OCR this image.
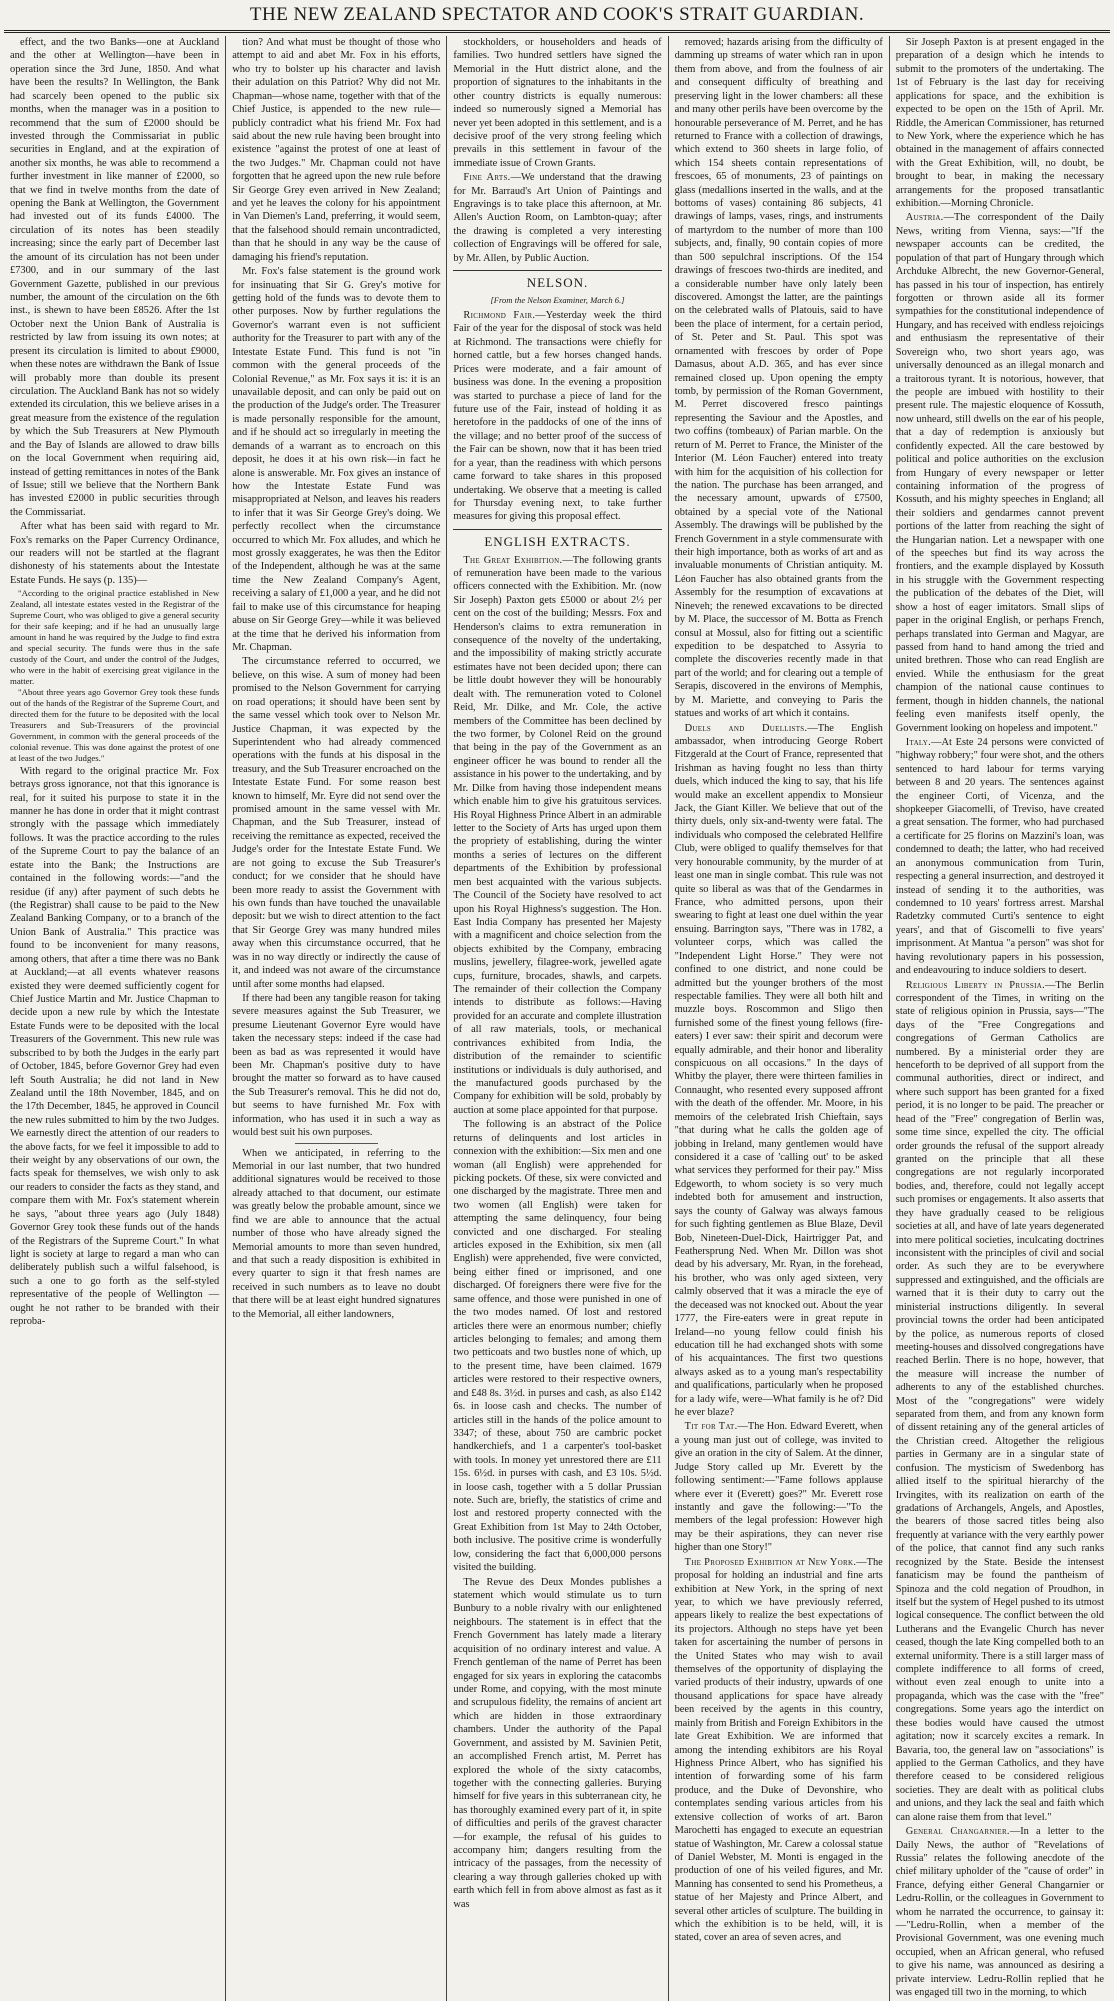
THE NEW ZEALAND SPECTATOR AND COOK'S STRAIT GUARDIAN.

effect, and the two Banks—one at Auckland and the other at Wellington—have been in operation since the 3rd June, 1850. And what have been the results? In Wellington, the Bank had scarcely been opened to the public six months, when the manager was in a position to recommend that the sum of £2000 should be invested through the Commissariat in public securities in England, and at the expiration of another six months, he was able to recommend a further investment in like manner of £2000, so that we find in twelve months from the date of opening the Bank at Wellington, the Government had invested out of its funds £4000. The circulation of its notes has been steadily increasing; since the early part of December last the amount of its circulation has not been under £7300, and in our summary of the last Government Gazette, published in our previous number, the amount of the circulation on the 6th inst., is shewn to have been £8526. After the 1st October next the Union Bank of Australia is restricted by law from issuing its own notes; at present its circulation is limited to about £9000, when these notes are withdrawn the Bank of Issue will probably more than double its present circulation. The Auckland Bank has not so widely extended its circulation, this we believe arises in a great measure from the existence of the regulation by which the Sub Treasurers at New Plymouth and the Bay of Islands are allowed to draw bills on the local Government when requiring aid, instead of getting remittances in notes of the Bank of Issue; still we believe that the Northern Bank has invested £2000 in public securities through the Commissariat.

After what has been said with regard to Mr. Fox's remarks on the Paper Currency Ordinance, our readers will not be startled at the flagrant dishonesty of his statements about the Intestate Estate Funds. He says (p. 135)—

"According to the original practice established in New Zealand, all intestate estates vested in the Registrar of the Supreme Court, who was obliged to give a general security for their safe keeping; and if he had an unusually large amount in hand he was required by the Judge to find extra and special security. The funds were thus in the safe custody of the Court, and under the control of the Judges, who were in the habit of exercising great vigilance in the matter.

"About three years ago Governor Grey took these funds out of the hands of the Registrar of the Supreme Court, and directed them for the future to be deposited with the local Treasurers and Sub-Treasurers of the provincial Government, in common with the general proceeds of the colonial revenue. This was done against the protest of one at least of the two Judges."

With regard to the original practice Mr. Fox betrays gross ignorance, not that this ignorance is real, for it suited his purpose to state it in the manner he has done in order that it might contrast strongly with the passage which immediately follows. It was the practice according to the rules of the Supreme Court to pay the balance of an estate into the Bank; the Instructions are contained in the following words:—"and the residue (if any) after payment of such debts he (the Registrar) shall cause to be paid to the New Zealand Banking Company, or to a branch of the Union Bank of Australia." This practice was found to be inconvenient for many reasons, among others, that after a time there was no Bank at Auckland;—at all events whatever reasons existed they were deemed sufficiently cogent for Chief Justice Martin and Mr. Justice Chapman to decide upon a new rule by which the Intestate Estate Funds were to be deposited with the local Treasurers of the Government. This new rule was subscribed to by both the Judges in the early part of October, 1845, before Governor Grey had even left South Australia; he did not land in New Zealand until the 18th November, 1845, and on the 17th December, 1845, he approved in Council the new rules submitted to him by the two Judges. We earnestly direct the attention of our readers to the above facts, for we feel it impossible to add to their weight by any observations of our own, the facts speak for themselves, we wish only to ask our readers to consider the facts as they stand, and compare them with Mr. Fox's statement wherein he says, "about three years ago (July 1848) Governor Grey took these funds out of the hands of the Registrars of the Supreme Court." In what light is society at large to regard a man who can deliberately publish such a wilful falsehood, is such a one to go forth as the self-styled representative of the people of Wellington — ought he not rather to be branded with their reproba-

tion? And what must be thought of those who attempt to aid and abet Mr. Fox in his efforts, who try to bolster up his character and lavish their adulation on this Patriot? Why did not Mr. Chapman—whose name, together with that of the Chief Justice, is appended to the new rule—publicly contradict what his friend Mr. Fox had said about the new rule having been brought into existence "against the protest of one at least of the two Judges." Mr. Chapman could not have forgotten that he agreed upon the new rule before Sir George Grey even arrived in New Zealand; and yet he leaves the colony for his appointment in Van Diemen's Land, preferring, it would seem, that the falsehood should remain uncontradicted, than that he should in any way be the cause of damaging his friend's reputation.

Mr. Fox's false statement is the ground work for insinuating that Sir G. Grey's motive for getting hold of the funds was to devote them to other purposes. Now by further regulations the Governor's warrant even is not sufficient authority for the Treasurer to part with any of the Intestate Estate Fund. This fund is not "in common with the general proceeds of the Colonial Revenue," as Mr. Fox says it is: it is an unavailable deposit, and can only be paid out on the production of the Judge's order. The Treasurer is made personally responsible for the amount, and if he should act so irregularly in meeting the demands of a warrant as to encroach on this deposit, he does it at his own risk—in fact he alone is answerable. Mr. Fox gives an instance of how the Intestate Estate Fund was misappropriated at Nelson, and leaves his readers to infer that it was Sir George Grey's doing. We perfectly recollect when the circumstance occurred to which Mr. Fox alludes, and which he most grossly exaggerates, he was then the Editor of the Independent, although he was at the same time the New Zealand Company's Agent, receiving a salary of £1,000 a year, and he did not fail to make use of this circumstance for heaping abuse on Sir George Grey—while it was believed at the time that he derived his information from Mr. Chapman.

The circumstance referred to occurred, we believe, on this wise. A sum of money had been promised to the Nelson Government for carrying on road operations; it should have been sent by the same vessel which took over to Nelson Mr. Justice Chapman, it was expected by the Superintendent who had already commenced operations with the funds at his disposal in the treasury, and the Sub Treasurer encroached on the Intestate Estate Fund. For some reason best known to himself, Mr. Eyre did not send over the promised amount in the same vessel with Mr. Chapman, and the Sub Treasurer, instead of receiving the remittance as expected, received the Judge's order for the Intestate Estate Fund. We are not going to excuse the Sub Treasurer's conduct; for we consider that he should have been more ready to assist the Government with his own funds than have touched the unavailable deposit: but we wish to direct attention to the fact that Sir George Grey was many hundred miles away when this circumstance occurred, that he was in no way directly or indirectly the cause of it, and indeed was not aware of the circumstance until after some months had elapsed.

If there had been any tangible reason for taking severe measures against the Sub Treasurer, we presume Lieutenant Governor Eyre would have taken the necessary steps: indeed if the case had been as bad as was represented it would have been Mr. Chapman's positive duty to have brought the matter so forward as to have caused the Sub Treasurer's removal. This he did not do, but seems to have furnished Mr. Fox with information, who has used it in such a way as would best suit his own purposes.

When we anticipated, in referring to the Memorial in our last number, that two hundred additional signatures would be received to those already attached to that document, our estimate was greatly below the probable amount, since we find we are able to announce that the actual number of those who have already signed the Memorial amounts to more than seven hundred, and that such a ready disposition is exhibited in every quarter to sign it that fresh names are received in such numbers as to leave no doubt that there will be at least eight hundred signatures to the Memorial, all either landowners,

stockholders, or householders and heads of families. Two hundred settlers have signed the Memorial in the Hutt district alone, and the proportion of signatures to the inhabitants in the other country districts is equally numerous: indeed so numerously signed a Memorial has never yet been adopted in this settlement, and is a decisive proof of the very strong feeling which prevails in this settlement in favour of the immediate issue of Crown Grants.

Fine Arts.—We understand that the drawing for Mr. Barraud's Art Union of Paintings and Engravings is to take place this afternoon, at Mr. Allen's Auction Room, on Lambton-quay; after the drawing is completed a very interesting collection of Engravings will be offered for sale, by Mr. Allen, by Public Auction.

NELSON.
[From the Nelson Examiner, March 6.]

Richmond Fair.—Yesterday week the third Fair of the year for the disposal of stock was held at Richmond. The transactions were chiefly for horned cattle, but a few horses changed hands. Prices were moderate, and a fair amount of business was done. In the evening a proposition was started to purchase a piece of land for the future use of the Fair, instead of holding it as heretofore in the paddocks of one of the inns of the village; and no better proof of the success of the Fair can be shown, now that it has been tried for a year, than the readiness with which persons came forward to take shares in this proposed undertaking. We observe that a meeting is called for Thursday evening next, to take further measures for giving this proposal effect.

ENGLISH EXTRACTS.

The Great Exhibition.—The following grants of remuneration have been made to the various officers connected with the Exhibition. Mr. (now Sir Joseph) Paxton gets £5000 or about 2½ per cent on the cost of the building; Messrs. Fox and Henderson's claims to extra remuneration in consequence of the novelty of the undertaking, and the impossibility of making strictly accurate estimates have not been decided upon; there can be little doubt however they will be honourably dealt with. The remuneration voted to Colonel Reid, Mr. Dilke, and Mr. Cole, the active members of the Committee has been declined by the two former, by Colonel Reid on the ground that being in the pay of the Government as an engineer officer he was bound to render all the assistance in his power to the undertaking, and by Mr. Dilke from having those independent means which enable him to give his gratuitous services. His Royal Highness Prince Albert in an admirable letter to the Society of Arts has urged upon them the propriety of establishing, during the winter months a series of lectures on the different departments of the Exhibition by professional men best acquainted with the various subjects. The Council of the Society have resolved to act upon his Royal Highness's suggestion. The Hon. East India Company has presented her Majesty with a magnificent and choice selection from the objects exhibited by the Company, embracing muslins, jewellery, filagree-work, jewelled agate cups, furniture, brocades, shawls, and carpets. The remainder of their collection the Company intends to distribute as follows:—Having provided for an accurate and complete illustration of all raw materials, tools, or mechanical contrivances exhibited from India, the distribution of the remainder to scientific institutions or individuals is duly authorised, and the manufactured goods purchased by the Company for exhibition will be sold, probably by auction at some place appointed for that purpose.

The following is an abstract of the Police returns of delinquents and lost articles in connexion with the exhibition:—Six men and one woman (all English) were apprehended for picking pockets. Of these, six were convicted and one discharged by the magistrate. Three men and two women (all English) were taken for attempting the same delinquency, four being convicted and one discharged. For stealing articles exposed in the Exhibition, six men (all English) were apprehended, five were convicted, being either fined or imprisoned, and one discharged. Of foreigners there were five for the same offence, and those were punished in one of the two modes named. Of lost and restored articles there were an enormous number; chiefly articles belonging to females; and among them two petticoats and two bustles none of which, up to the present time, have been claimed. 1679 articles were restored to their respective owners, and £48 8s. 3½d. in purses and cash, as also £142 6s. in loose cash and checks. The number of articles still in the hands of the police amount to 3347; of these, about 750 are cambric pocket handkerchiefs, and 1 a carpenter's tool-basket with tools. In money yet unrestored there are £11 15s. 6½d. in purses with cash, and £3 10s. 5½d. in loose cash, together with a 5 dollar Prussian note. Such are, briefly, the statistics of crime and lost and restored property connected with the Great Exhibition from 1st May to 24th October, both inclusive. The positive crime is wonderfully low, considering the fact that 6,000,000 persons visited the building.

The Revue des Deux Mondes publishes a statement which would stimulate us to turn Bunbury to a noble rivalry with our enlightened neighbours. The statement is in effect that the French Government has lately made a literary acquisition of no ordinary interest and value. A French gentleman of the name of Perret has been engaged for six years in exploring the catacombs under Rome, and copying, with the most minute and scrupulous fidelity, the remains of ancient art which are hidden in those extraordinary chambers. Under the authority of the Papal Government, and assisted by M. Savinien Petit, an accomplished French artist, M. Perret has explored the whole of the sixty catacombs, together with the connecting galleries. Burying himself for five years in this subterranean city, he has thoroughly examined every part of it, in spite of difficulties and perils of the gravest character—for example, the refusal of his guides to accompany him; dangers resulting from the intricacy of the passages, from the necessity of clearing a way through galleries choked up with earth which fell in from above almost as fast as it was

removed; hazards arising from the difficulty of damming up streams of water which ran in upon them from above, and from the foulness of air and consequent difficulty of breathing and preserving light in the lower chambers: all these and many other perils have been overcome by the honourable perseverance of M. Perret, and he has returned to France with a collection of drawings, which extend to 360 sheets in large folio, of which 154 sheets contain representations of frescoes, 65 of monuments, 23 of paintings on glass (medallions inserted in the walls, and at the bottoms of vases) containing 86 subjects, 41 drawings of lamps, vases, rings, and instruments of martyrdom to the number of more than 100 subjects, and, finally, 90 contain copies of more than 500 sepulchral inscriptions. Of the 154 drawings of frescoes two-thirds are inedited, and a considerable number have only lately been discovered. Amongst the latter, are the paintings on the celebrated walls of Platouis, said to have been the place of interment, for a certain period, of St. Peter and St. Paul. This spot was ornamented with frescoes by order of Pope Damasus, about A.D. 365, and has ever since remained closed up. Upon opening the empty tomb, by permission of the Roman Government, M. Perret discovered fresco paintings representing the Saviour and the Apostles, and two coffins (tombeaux) of Parian marble. On the return of M. Perret to France, the Minister of the Interior (M. Léon Faucher) entered into treaty with him for the acquisition of his collection for the nation. The purchase has been arranged, and the necessary amount, upwards of £7500, obtained by a special vote of the National Assembly. The drawings will be published by the French Government in a style commensurate with their high importance, both as works of art and as invaluable monuments of Christian antiquity. M. Léon Faucher has also obtained grants from the Assembly for the resumption of excavations at Nineveh; the renewed excavations to be directed by M. Place, the successor of M. Botta as French consul at Mossul, also for fitting out a scientific expedition to be despatched to Assyria to complete the discoveries recently made in that part of the world; and for clearing out a temple of Serapis, discovered in the environs of Memphis, by M. Mariette, and conveying to Paris the statues and works of art which it contains.

Duels and Duellists.—The English ambassador, when introducing George Robert Fitzgerald at the Court of France, represented that Irishman as having fought no less than thirty duels, which induced the king to say, that his life would make an excellent appendix to Monsieur Jack, the Giant Killer. We believe that out of the thirty duels, only six-and-twenty were fatal. The individuals who composed the celebrated Hellfire Club, were obliged to qualify themselves for that very honourable community, by the murder of at least one man in single combat. This rule was not quite so liberal as was that of the Gendarmes in France, who admitted persons, upon their swearing to fight at least one duel within the year ensuing. Barrington says, "There was in 1782, a volunteer corps, which was called the "Independent Light Horse." They were not confined to one district, and none could be admitted but the younger brothers of the most respectable families. They were all both hilt and muzzle boys. Roscommon and Sligo then furnished some of the finest young fellows (fire-eaters) I ever saw: their spirit and decorum were equally admirable, and their honor and liberality conspicuous on all occasions." In the days of Whitby the player, there were thirteen families in Connaught, who resented every supposed affront with the death of the offender. Mr. Moore, in his memoirs of the celebrated Irish Chieftain, says "that during what he calls the golden age of jobbing in Ireland, many gentlemen would have considered it a case of 'calling out' to be asked what services they performed for their pay." Miss Edgeworth, to whom society is so very much indebted both for amusement and instruction, says the county of Galway was always famous for such fighting gentlemen as Blue Blaze, Devil Bob, Nineteen-Duel-Dick, Hairtrigger Pat, and Feathersprung Ned. When Mr. Dillon was shot dead by his adversary, Mr. Ryan, in the forehead, his brother, who was only aged sixteen, very calmly observed that it was a miracle the eye of the deceased was not knocked out. About the year 1777, the Fire-eaters were in great repute in Ireland—no young fellow could finish his education till he had exchanged shots with some of his acquaintances. The first two questions always asked as to a young man's respectability and qualifications, particularly when he proposed for a lady wife, were—What family is he of? Did he ever blaze?

Tit for Tat.—The Hon. Edward Everett, when a young man just out of college, was invited to give an oration in the city of Salem. At the dinner, Judge Story called up Mr. Everett by the following sentiment:—"Fame follows applause where ever it (Everett) goes?" Mr. Everett rose instantly and gave the following:—"To the members of the legal profession: However high may be their aspirations, they can never rise higher than one Story!"

The Proposed Exhibition at New York.—The proposal for holding an industrial and fine arts exhibition at New York, in the spring of next year, to which we have previously referred, appears likely to realize the best expectations of its projectors. Although no steps have yet been taken for ascertaining the number of persons in the United States who may wish to avail themselves of the opportunity of displaying the varied products of their industry, upwards of one thousand applications for space have already been received by the agents in this country, mainly from British and Foreign Exhibitors in the late Great Exhibition. We are informed that among the intending exhibitors are his Royal Highness Prince Albert, who has signified his intention of forwarding some of his farm produce, and the Duke of Devonshire, who contemplates sending various articles from his extensive collection of works of art. Baron Marochetti has engaged to execute an equestrian statue of Washington, Mr. Carew a colossal statue of Daniel Webster, M. Monti is engaged in the production of one of his veiled figures, and Mr. Manning has consented to send his Prometheus, a statue of her Majesty and Prince Albert, and several other articles of sculpture. The building in which the exhibition is to be held, will, it is stated, cover an area of seven acres, and

Sir Joseph Paxton is at present engaged in the preparation of a design which he intends to submit to the promoters of the undertaking. The 1st of February is the last day for receiving applications for space, and the exhibition is expected to be open on the 15th of April. Mr. Riddle, the American Commissioner, has returned to New York, where the experience which he has obtained in the management of affairs connected with the Great Exhibition, will, no doubt, be brought to bear, in making the necessary arrangements for the proposed transatlantic exhibition.—Morning Chronicle.

Austria.—The correspondent of the Daily News, writing from Vienna, says:—"If the newspaper accounts can be credited, the population of that part of Hungary through which Archduke Albrecht, the new Governor-General, has passed in his tour of inspection, has entirely forgotten or thrown aside all its former sympathies for the constitutional independence of Hungary, and has received with endless rejoicings and enthusiasm the representative of their Sovereign who, two short years ago, was universally denounced as an illegal monarch and a traitorous tyrant. It is notorious, however, that the people are imbued with hostility to their present rule. The majestic eloquence of Kossuth, now unheard, still dwells on the ear of his people, that a day of redemption is anxiously but confidently expected. All the care bestowed by political and police authorities on the exclusion from Hungary of every newspaper or letter containing information of the progress of Kossuth, and his mighty speeches in England; all their soldiers and gendarmes cannot prevent portions of the latter from reaching the sight of the Hungarian nation. Let a newspaper with one of the speeches but find its way across the frontiers, and the example displayed by Kossuth in his struggle with the Government respecting the publication of the debates of the Diet, will show a host of eager imitators. Small slips of paper in the original English, or perhaps French, perhaps translated into German and Magyar, are passed from hand to hand among the tried and united brethren. Those who can read English are envied. While the enthusiasm for the great champion of the national cause continues to ferment, though in hidden channels, the national feeling even manifests itself openly, the Government looking on hopeless and impotent."

Italy.—At Este 24 persons were convicted of "highway robbery;" four were shot, and the others sentenced to hard labour for terms varying between 8 and 20 years. The sentences against the engineer Corti, of Vicenza, and the shopkeeper Giacomelli, of Treviso, have created a great sensation. The former, who had purchased a certificate for 25 florins on Mazzini's loan, was condemned to death; the latter, who had received an anonymous communication from Turin, respecting a general insurrection, and destroyed it instead of sending it to the authorities, was condemned to 10 years' fortress arrest. Marshal Radetzky commuted Curti's sentence to eight years', and that of Giscomelli to five years' imprisonment. At Mantua "a person" was shot for having revolutionary papers in his possession, and endeavouring to induce soldiers to desert.

Religious Liberty in Prussia.—The Berlin correspondent of the Times, in writing on the state of religious opinion in Prussia, says—"The days of the "Free Congregations and congregations of German Catholics are numbered. By a ministerial order they are henceforth to be deprived of all support from the communal authorities, direct or indirect, and where such support has been granted for a fixed period, it is no longer to be paid. The preacher or head of the "Free" congregation of Berlin was, some time since, expelled the city. The official order grounds the refusal of the support already granted on the principle that all these congregations are not regularly incorporated bodies, and, therefore, could not legally accept such promises or engagements. It also asserts that they have gradually ceased to be religious societies at all, and have of late years degenerated into mere political societies, inculcating doctrines inconsistent with the principles of civil and social order. As such they are to be everywhere suppressed and extinguished, and the officials are warned that it is their duty to carry out the ministerial instructions diligently. In several provincial towns the order had been anticipated by the police, as numerous reports of closed meeting-houses and dissolved congregations have reached Berlin. There is no hope, however, that the measure will increase the number of adherents to any of the established churches. Most of the "congregations" were widely separated from them, and from any known form of dissent retaining any of the general articles of the Christian creed. Altogether the religious parties in Germany are in a singular state of confusion. The mysticism of Swedenborg has allied itself to the spiritual hierarchy of the Irvingites, with its realization on earth of the gradations of Archangels, Angels, and Apostles, the bearers of those sacred titles being also frequently at variance with the very earthly power of the police, that cannot find any such ranks recognized by the State. Beside the intensest fanaticism may be found the pantheism of Spinoza and the cold negation of Proudhon, in itself but the system of Hegel pushed to its utmost logical consequence. The conflict between the old Lutherans and the Evangelic Church has never ceased, though the late King compelled both to an external uniformity. There is a still larger mass of complete indifference to all forms of creed, without even zeal enough to unite into a propaganda, which was the case with the "free" congregations. Some years ago the interdict on these bodies would have caused the utmost agitation; now it scarcely excites a remark. In Bavaria, too, the general law on "associations" is applied to the German Catholics, and they have therefore ceased to be considered religious societies. They are dealt with as political clubs and unions, and they lack the seal and faith which can alone raise them from that level."

General Changarnier.—In a letter to the Daily News, the author of "Revelations of Russia" relates the following anecdote of the chief military upholder of the "cause of order" in France, defying either General Changarnier or Ledru-Rollin, or the colleagues in Government to whom he narrated the occurrence, to gainsay it:—"Ledru-Rollin, when a member of the Provisional Government, was one evening much occupied, when an African general, who refused to give his name, was announced as desiring a private interview. Ledru-Rollin replied that he was engaged till two in the morning, to which
